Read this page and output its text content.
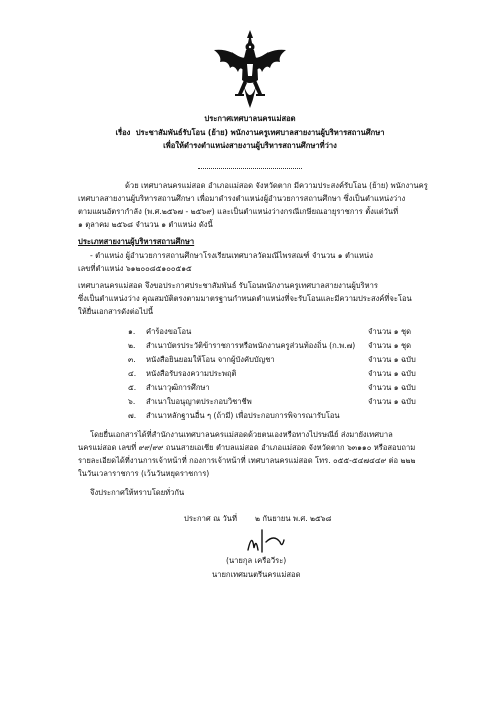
ประกาศเทศบาลนครแม่สอด
เรื่อง ประชาสัมพันธ์รับโอน (ย้าย) พนักงานครูเทศบาลสายงานผู้บริหารสถานศึกษา
เพื่อให้ดำรงตำแหน่งสายงานผู้บริหารสถานศึกษาที่ว่าง
ด้วย เทศบาลนครแม่สอด อำเภอแม่สอด จังหวัดตาก มีความประสงค์รับโอน (ย้าย) พนักงานครู
เทศบาลสายงานผู้บริหารสถานศึกษา เพื่อมาดำรงตำแหน่งผู้อำนวยการสถานศึกษา ซึ่งเป็นตำแหน่งว่าง
ตามแผนอัตรากำลัง (พ.ศ.๒๕๖๗ - ๒๕๖๙) และเป็นตำแหน่งว่างกรณีเกษียณอายุราชการ ตั้งแต่วันที่
๑ ตุลาคม ๒๕๖๘ จำนวน ๑ ตำแหน่ง ดังนี้
ประเภทสายงานผู้บริหารสถานศึกษา
- ตำแหน่ง ผู้อำนวยการสถานศึกษาโรงเรียนเทศบาลวัดมณีไพรสณฑ์ จำนวน ๑ ตำแหน่ง
เลขที่ตำแหน่ง ๖๑๒๐๐๘๕๑๐๐๕๑๕
เทศบาลนครแม่สอด จึงขอประกาศประชาสัมพันธ์ รับโอนพนักงานครูเทศบาลสายงานผู้บริหาร
ซึ่งเป็นตำแหน่งว่าง คุณสมบัติตรงตามมาตรฐานกำหนดตำแหน่งที่จะรับโอนและมีความประสงค์ที่จะโอน
ให้ยื่นเอกสารดังต่อไปนี้
๑. คำร้องขอโอน	จำนวน ๑ ชุด
๒. สำเนาบัตรประวัติข้าราชการหรือพนักงานครูส่วนท้องถิ่น (ก.พ.๗) จำนวน ๑ ชุด
๓. หนังสือยินยอมให้โอน จากผู้บังคับบัญชา	จำนวน ๑ ฉบับ
๔. หนังสือรับรองความประพฤติ	จำนวน ๑ ฉบับ
๕. สำเนาวุฒิการศึกษา	จำนวน ๑ ฉบับ
๖. สำเนาใบอนุญาตประกอบวิชาชีพ	จำนวน ๑ ฉบับ
๗. สำเนาหลักฐานอื่น ๆ (ถ้ามี) เพื่อประกอบการพิจารณารับโอน
โดยยื่นเอกสารได้ที่สำนักงานเทศบาลนครแม่สอดด้วยตนเองหรือทางไปรษณีย์ ส่งมายังเทศบาล
นครแม่สอด เลขที่ ๙๙/๙๙ ถนนสายเอเชีย ตำบลแม่สอด อำเภอแม่สอด จังหวัดตาก ๖๓๑๑๐ หรือสอบถาม
รายละเอียดได้ที่งานการเจ้าหน้าที่ กองการเจ้าหน้าที่ เทศบาลนครแม่สอด โทร. ๐๕๕-๕๔๗๔๔๙ ต่อ ๒๒๒
ในวันเวลาราชการ (เว้นวันหยุดราชการ)
จึงประกาศให้ทราบโดยทั่วกัน
ประกาศ ณ วันที่ ๒ กันยายน พ.ศ. ๒๕๖๘
(นายกุล เครือวีระ)
นายกเทศมนตรีนครแม่สอด
